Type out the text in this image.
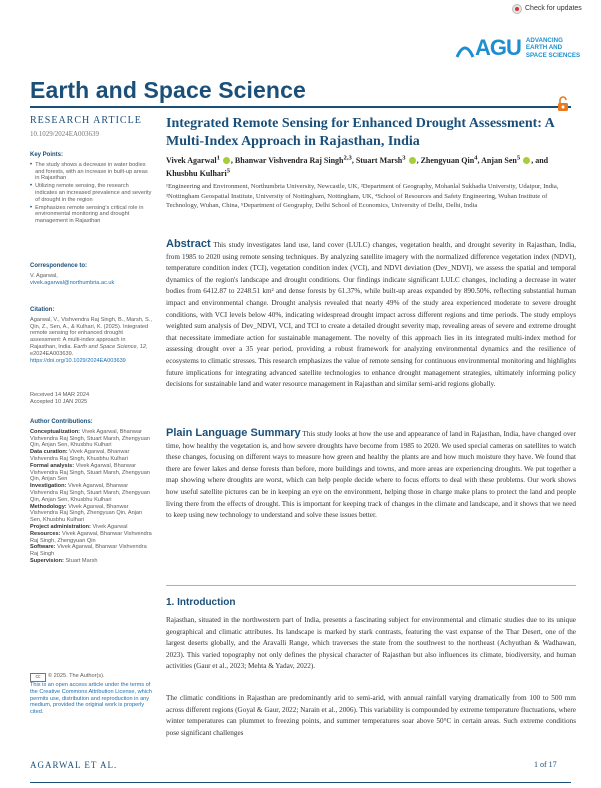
Check for updates
AGU ADVANCING
EARTH AND
SPACE SCIENCES
Earth and Space Science
RESEARCH ARTICLE
10.1029/2024EA003639
Key Points:
• The study shows a decrease in water bodies and forests, with an increase in built-up areas in Rajasthan
• Utilizing remote sensing, the research indicates an increased prevalence and severity of drought in the region
• Emphasizes remote sensing's critical role in environmental monitoring and drought management in Rajasthan
Correspondence to:
V. Agarwal,
vivek.agarwal@northumbria.ac.uk
Citation:
Agarwal, V., Vishvendra Raj Singh, B., Marsh, S., Qin, Z., Sen, A., & Kulhari, K. (2025). Integrated remote sensing for enhanced drought assessment: A multi-index approach in Rajasthan, India. Earth and Space Science, 12, e2024EA003639. https://doi.org/10.1029/2024EA003639
Received 14 MAR 2024
Accepted 10 JAN 2025
Author Contributions:
Conceptualization: Vivek Agarwal, Bhanwar Vishvendra Raj Singh, Stuart Marsh, Zhengyuan Qin, Anjan Sen, Khusbhu Kulhari
Data curation: Vivek Agarwal, Bhanwar Vishvendra Raj Singh, Khusbhu Kulhari
Formal analysis: Vivek Agarwal, Bhanwar Vishvendra Raj Singh, Stuart Marsh, Zhengyuan Qin, Anjan Sen
Investigation: Vivek Agarwal, Bhanwar Vishvendra Raj Singh, Stuart Marsh, Zhengyuan Qin, Anjan Sen, Khusbhu Kulhari
Methodology: Vivek Agarwal, Bhanwar Vishvendra Raj Singh, Zhengyuan Qin, Anjan Sen, Khusbhu Kulhari
Project administration: Vivek Agarwal
Resources: Vivek Agarwal, Bhanwar Vishvendra Raj Singh, Zhengyuan Qin
Software: Vivek Agarwal, Bhanwar Vishvendra Raj Singh
Supervision: Stuart Marsh
cc © 2025. The Author(s).
This is an open access article under the terms of the Creative Commons Attribution License, which permits use, distribution and reproduction in any medium, provided the original work is properly cited.
Integrated Remote Sensing for Enhanced Drought Assessment: A Multi-Index Approach in Rajasthan, India
Vivek Agarwal$^1$ , Bhanwar Vishvendra Raj Singh$^{2,3}$, Stuart Marsh$^3$ , Zhengyuan Qin$^4$, Anjan Sen$^5$ , and Khusbhu Kulhari$^5$
¹Engineering and Environment, Northumbria University, Newcastle, UK, ²Department of Geography, Mohanlal Sukhadia University, Udaipur, India, ³Nottingham Geospatial Institute, University of Nottingham, Nottingham, UK, ⁴School of Resources and Safety Engineering, Wuhan Institute of Technology, Wuhan, China, ⁵Department of Geography, Delhi School of Economics, University of Delhi, Delhi, India
Abstract This study investigates land use, land cover (LULC) changes, vegetation health, and drought severity in Rajasthan, India, from 1985 to 2020 using remote sensing techniques. By analyzing satellite imagery with the normalized difference vegetation index (NDVI), temperature condition index (TCI), vegetation condition index (VCI), and NDVI deviation (Dev_NDVI), we assess the spatial and temporal dynamics of the region's landscape and drought conditions. Our findings indicate significant LULC changes, including a decrease in water bodies from 6412.87 to 2248.51 km² and dense forests by 61.37%, while built-up areas expanded by 890.50%, reflecting substantial human impact and environmental change. Drought analysis revealed that nearly 49% of the study area experienced moderate to severe drought conditions, with VCI levels below 40%, indicating widespread drought impact across different regions and time periods. The study employs weighted sum analysis of Dev_NDVI, VCI, and TCI to create a detailed drought severity map, revealing areas of severe and extreme drought that necessitate immediate action for sustainable management. The novelty of this approach lies in its integrated multi-index method for assessing drought over a 35 year period, providing a robust framework for analyzing environmental dynamics and the resilience of ecosystems to climatic stresses. This research emphasizes the value of remote sensing for continuous environmental monitoring and highlights future implications for integrating advanced satellite technologies to enhance drought management strategies, ultimately informing policy decisions for sustainable land and water resource management in Rajasthan and similar semi-arid regions globally.
Plain Language Summary This study looks at how the use and appearance of land in Rajasthan, India, have changed over time, how healthy the vegetation is, and how severe droughts have become from 1985 to 2020. We used special cameras on satellites to watch these changes, focusing on different ways to measure how green and healthy the plants are and how much moisture they have. We found that there are fewer lakes and dense forests than before, more buildings and towns, and more areas are experiencing droughts. We put together a map showing where droughts are worst, which can help people decide where to focus efforts to deal with these problems. Our work shows how useful satellite pictures can be in keeping an eye on the environment, helping those in charge make plans to protect the land and people living there from the effects of drought. This is important for keeping track of changes in the climate and landscape, and it shows that we need to keep using new technology to understand and solve these issues better.
1. Introduction
Rajasthan, situated in the northwestern part of India, presents a fascinating subject for environmental and climatic studies due to its unique geographical and climatic attributes. Its landscape is marked by stark contrasts, featuring the vast expanse of the Thar Desert, one of the largest deserts globally, and the Aravalli Range, which traverses the state from the southwest to the northeast (Achyuthan & Wadhawan, 2023). This varied topography not only defines the physical character of Rajasthan but also influences its climate, biodiversity, and human activities (Gaur et al., 2023; Mehta & Yadav, 2022).
The climatic conditions in Rajasthan are predominantly arid to semi-arid, with annual rainfall varying dramatically from 100 to 500 mm across different regions (Goyal & Gaur, 2022; Narain et al., 2006). This variability is compounded by extreme temperature fluctuations, where winter temperatures can plummet to freezing points, and summer temperatures soar above 50°C in certain areas. Such extreme conditions pose significant challenges
AGARWAL ET AL.	1 of 17
